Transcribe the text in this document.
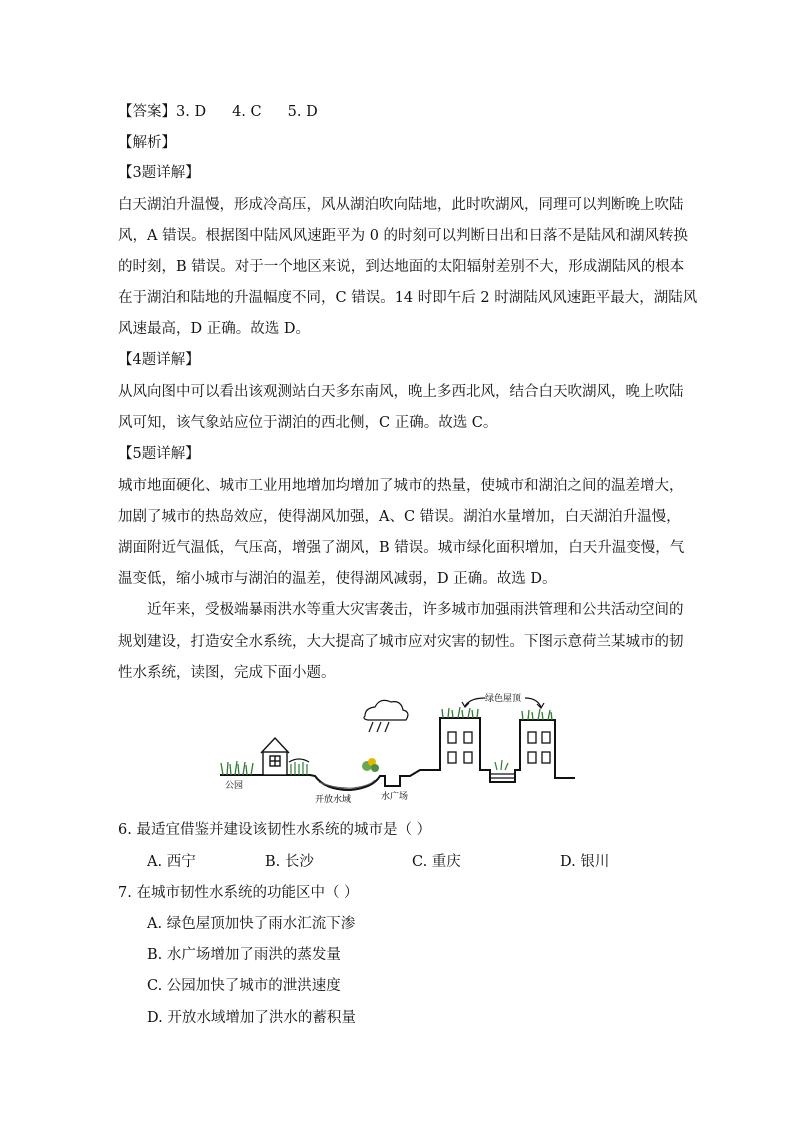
【答案】3. D 4. C 5. D
【解析】
【3题详解】
白天湖泊升温慢，形成冷高压，风从湖泊吹向陆地，此时吹湖风，同理可以判断晚上吹陆
风，A 错误。根据图中陆风风速距平为 0 的时刻可以判断日出和日落不是陆风和湖风转换
的时刻，B 错误。对于一个地区来说，到达地面的太阳辐射差别不大，形成湖陆风的根本
在于湖泊和陆地的升温幅度不同，C 错误。14 时即午后 2 时湖陆风风速距平最大，湖陆风
风速最高，D 正确。故选 D。
【4题详解】
从风向图中可以看出该观测站白天多东南风，晚上多西北风，结合白天吹湖风，晚上吹陆
风可知，该气象站应位于湖泊的西北侧，C 正确。故选 C。
【5题详解】
城市地面硬化、城市工业用地增加均增加了城市的热量，使城市和湖泊之间的温差增大，
加剧了城市的热岛效应，使得湖风加强，A、C 错误。湖泊水量增加，白天湖泊升温慢，
湖面附近气温低，气压高，增强了湖风，B 错误。城市绿化面积增加，白天升温变慢，气
温变低，缩小城市与湖泊的温差，使得湖风减弱，D 正确。故选 D。
近年来，受极端暴雨洪水等重大灾害袭击，许多城市加强雨洪管理和公共活动空间的
规划建设，打造安全水系统，大大提高了城市应对灾害的韧性。下图示意荷兰某城市的韧
性水系统，读图，完成下面小题。
绿色屋顶
公园
开放水域	水广场
6. 最适宜借鉴并建设该韧性水系统的城市是（ ）
A. 西宁	B. 长沙	C. 重庆	D. 银川
7. 在城市韧性水系统的功能区中（ ）
A. 绿色屋顶加快了雨水汇流下渗
B. 水广场增加了雨洪的蒸发量
C. 公园加快了城市的泄洪速度
D. 开放水域增加了洪水的蓄积量
